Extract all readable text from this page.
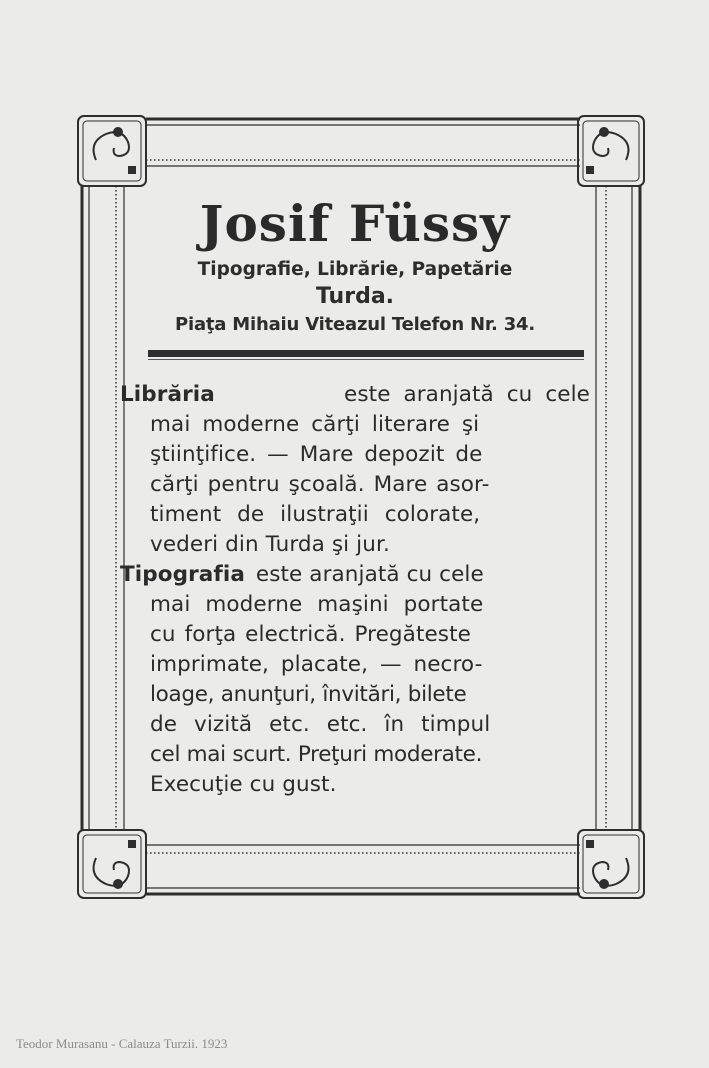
Josif Füssy

Tipografie, Librărie, Papetărie

Turda.

Piaţa Mihaiu Viteazul Telefon Nr. 34.

Librăria	este aranjată cu cele
mai moderne cărţi literare şi
ştiinţifice. — Mare depozit de
cărţi pentru şcoală. Mare asor-
timent de ilustraţii colorate,
vederi din Turda şi jur.

Tipografia este aranjată cu cele
mai moderne maşini portate
cu forţa electrică. Pregăteste
imprimate, placate, — necro-
loage, anunţuri, învitări, bilete
de vizită etc. etc. în timpul
cel mai scurt. Preţuri moderate.
Execuţie cu gust.

Teodor Murasanu - Calauza Turzii. 1923
